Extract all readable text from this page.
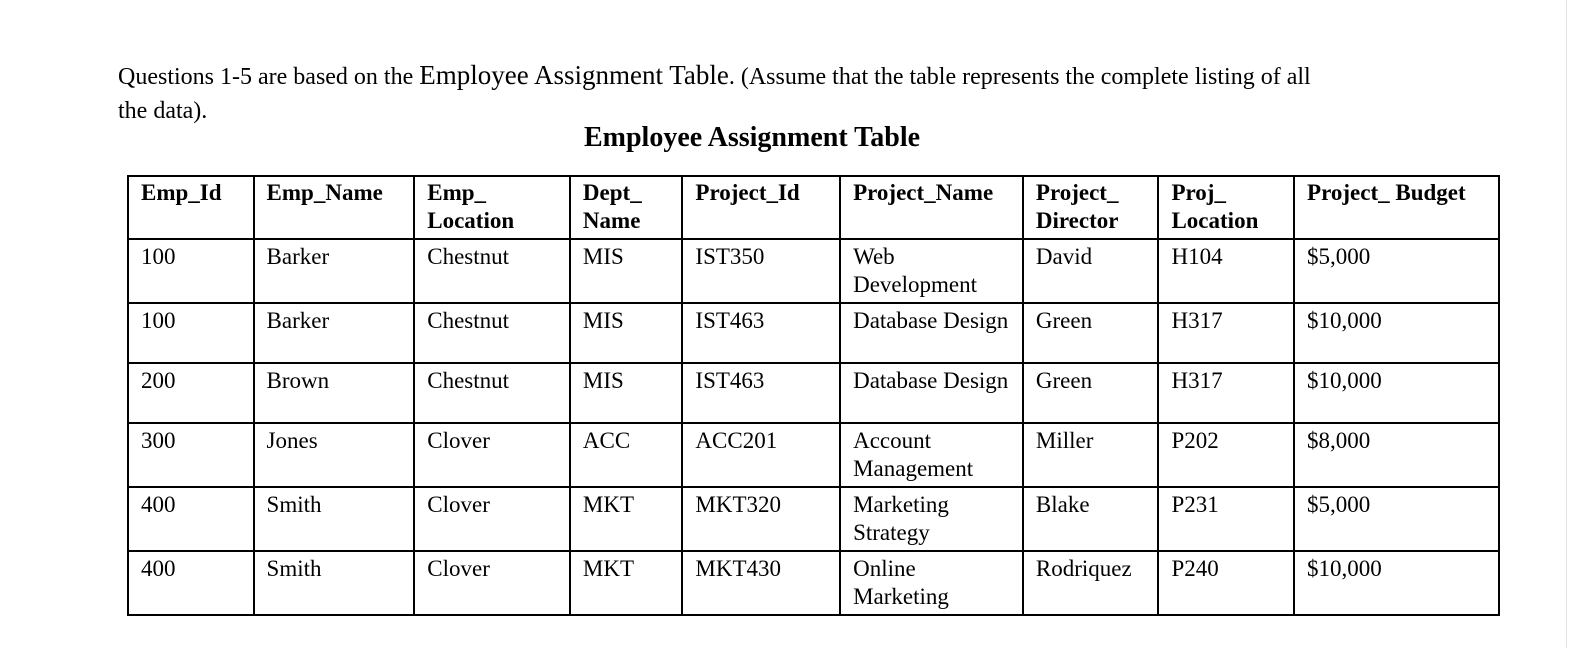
Questions 1-5 are based on the Employee Assignment Table. (Assume that the table represents the complete listing of all the data).

Employee Assignment Table
Emp_Id	Emp_Name	Emp_ Location	Dept_ Name	Project_Id	Project_Name	Project_ Director	Proj_ Location	Project_ Budget
100	Barker	Chestnut	MIS	IST350	Web Development	David	H104	$5,000
100	Barker	Chestnut	MIS	IST463	Database Design	Green	H317	$10,000
200	Brown	Chestnut	MIS	IST463	Database Design	Green	H317	$10,000
300	Jones	Clover	ACC	ACC201	Account Management	Miller	P202	$8,000
400	Smith	Clover	MKT	MKT320	Marketing Strategy	Blake	P231	$5,000
400	Smith	Clover	MKT	MKT430	Online Marketing	Rodriquez	P240	$10,000
